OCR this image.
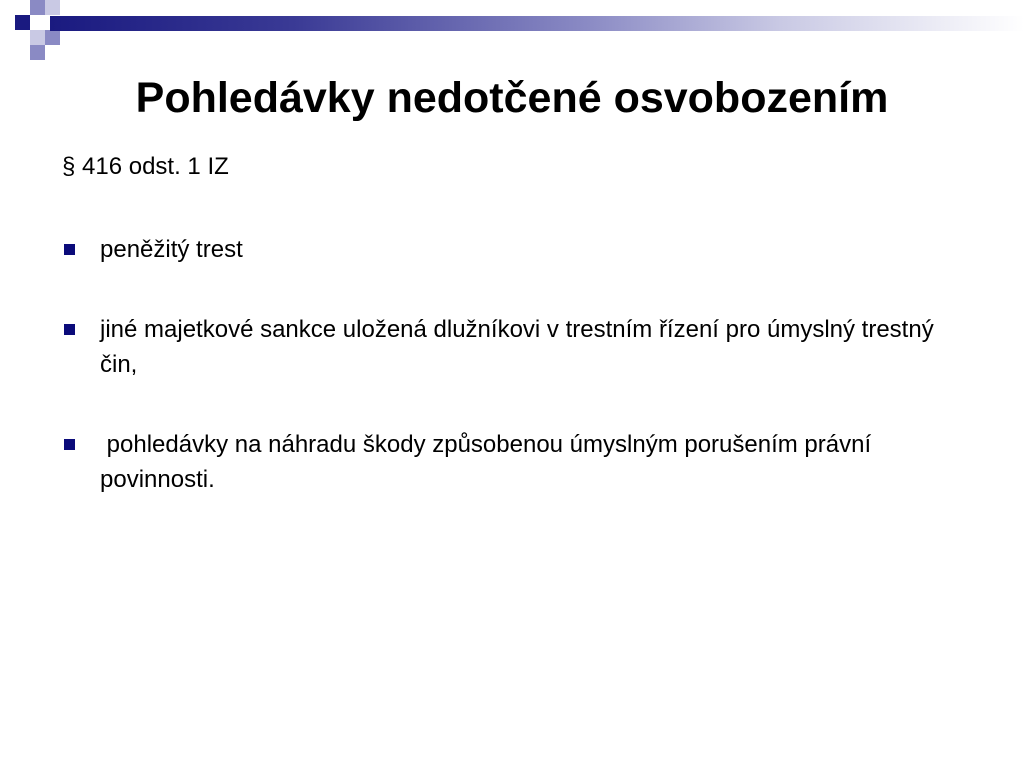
Pohledávky nedotčené osvobozením
§ 416 odst. 1 IZ
peněžitý trest
jiné majetkové sankce uložená dlužníkovi v trestním řízení pro úmyslný trestný čin,
pohledávky na náhradu škody způsobenou úmyslným porušením právní povinnosti.
